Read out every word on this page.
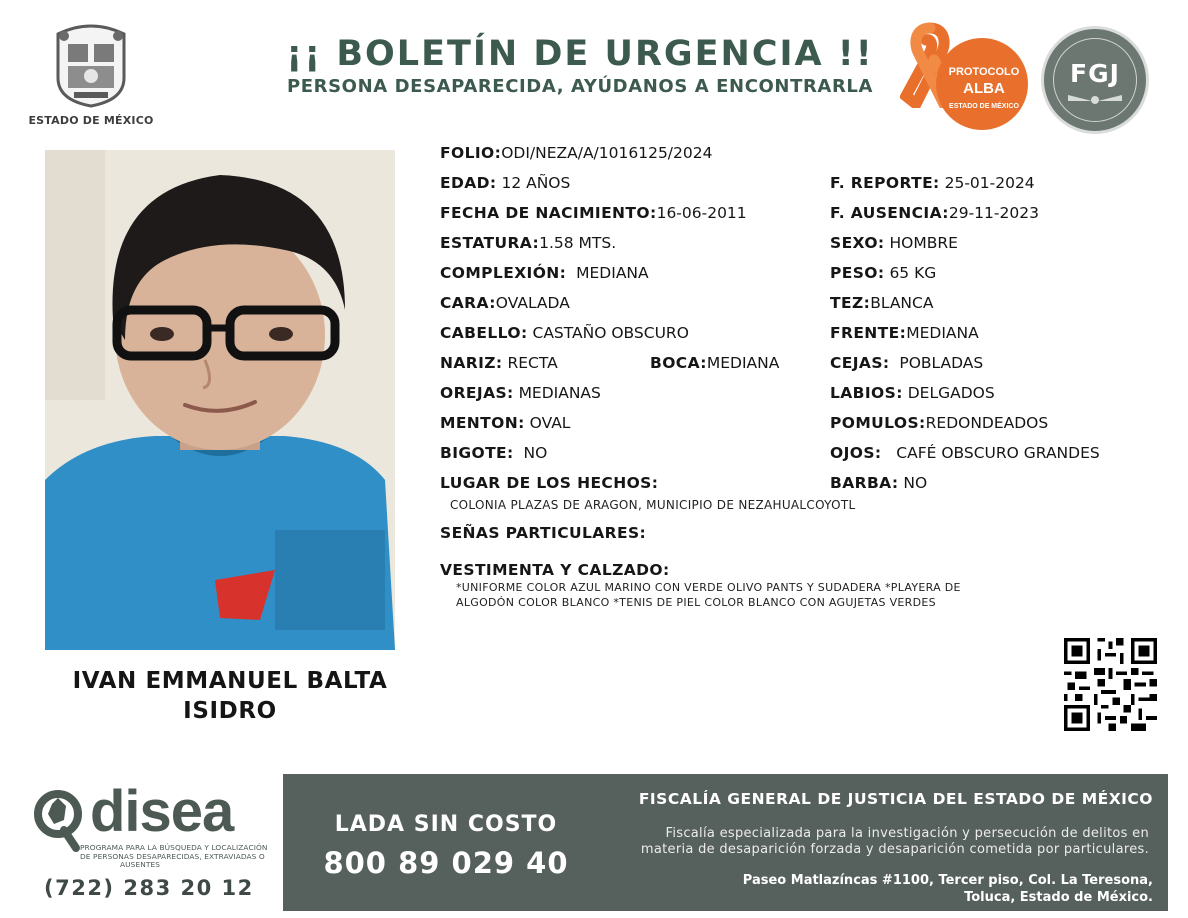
ESTADO DE MÉXICO
¡¡ BOLETÍN DE URGENCIA !!
PERSONA DESAPARECIDA, AYÚDANOS A ENCONTRARLA
PROTOCOLO
ALBA
ESTADO DE MÉXICO
FGJ
IVAN EMMANUEL BALTA
ISIDRO
FOLIO:ODI/NEZA/A/1016125/2024
EDAD: 12 AÑOS	F. REPORTE: 25-01-2024
FECHA DE NACIMIENTO:16-06-2011	F. AUSENCIA:29-11-2023
ESTATURA:1.58 MTS.	SEXO: HOMBRE
COMPLEXIÓN: MEDIANA	PESO: 65 KG
CARA:OVALADA	TEZ:BLANCA
CABELLO: CASTAÑO OBSCURO	FRENTE:MEDIANA
NARIZ: RECTA	BOCA:MEDIANA	CEJAS: POBLADAS
OREJAS: MEDIANAS	LABIOS: DELGADOS
MENTON: OVAL	POMULOS:REDONDEADOS
BIGOTE: NO	OJOS: CAFÉ OBSCURO GRANDES
LUGAR DE LOS HECHOS:	BARBA: NO
COLONIA PLAZAS DE ARAGON, MUNICIPIO DE NEZAHUALCOYOTL
SEÑAS PARTICULARES:
VESTIMENTA Y CALZADO:
*UNIFORME COLOR AZUL MARINO CON VERDE OLIVO PANTS Y SUDADERA *PLAYERA DE
ALGODÓN COLOR BLANCO *TENIS DE PIEL COLOR BLANCO CON AGUJETAS VERDES
disea
PROGRAMA PARA LA BÚSQUEDA Y LOCALIZACIÓN
DE PERSONAS DESAPARECIDAS, EXTRAVIADAS O
AUSENTES
(722) 283 20 12
LADA SIN COSTO
800 89 029 40
FISCALÍA GENERAL DE JUSTICIA DEL ESTADO DE MÉXICO
Fiscalía especializada para la investigación y persecución de delitos en
materia de desaparición forzada y desaparición cometida por particulares.
Paseo Matlazíncas #1100, Tercer piso, Col. La Teresona,
Toluca, Estado de México.
